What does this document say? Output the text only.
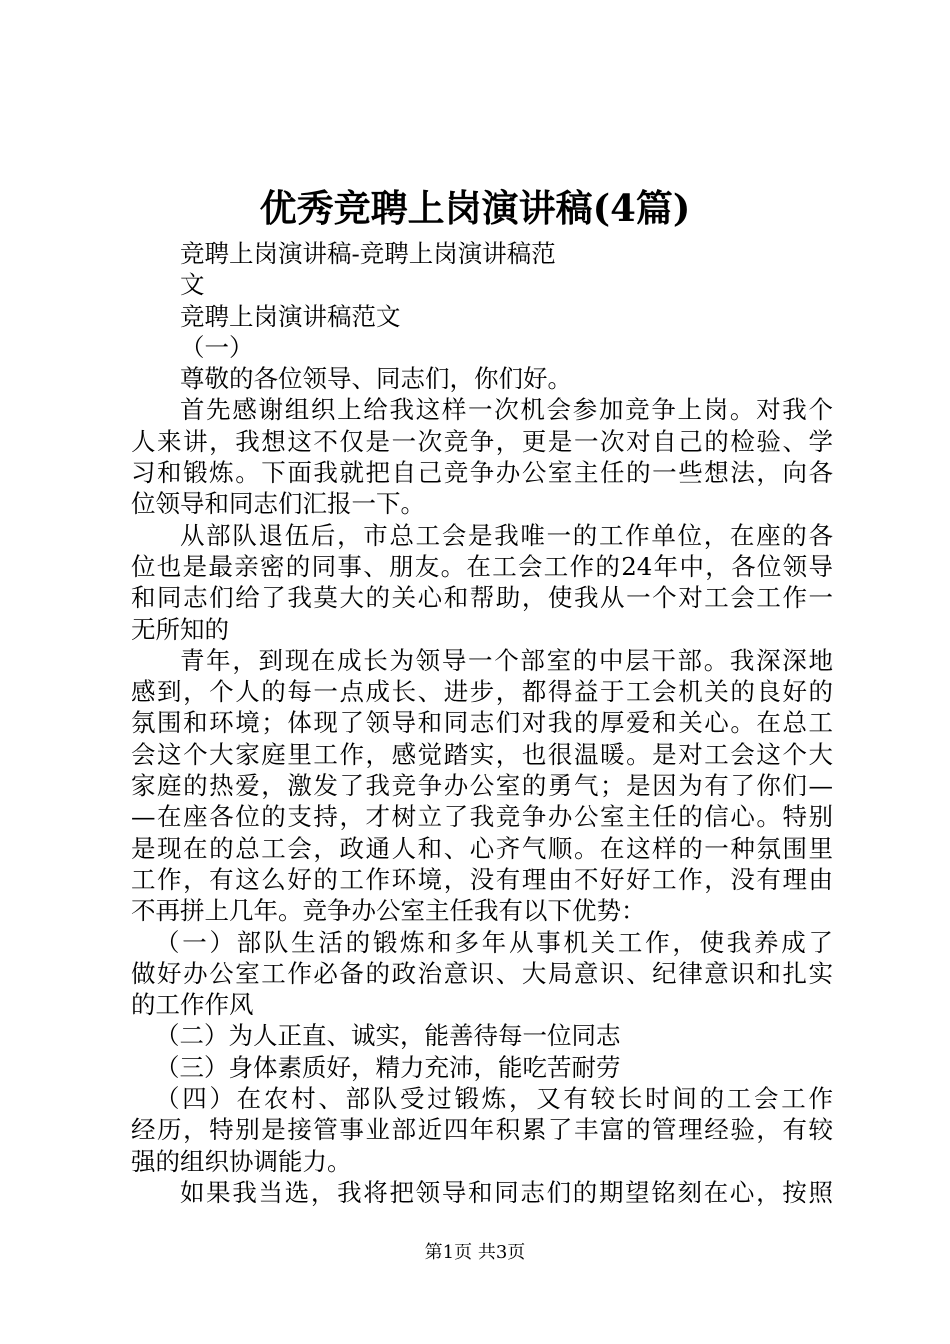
优秀竞聘上岗演讲稿(4篇)
竞聘上岗演讲稿-竞聘上岗演讲稿范
文
竞聘上岗演讲稿范文
（一）
尊敬的各位领导、同志们，你们好。
首先感谢组织上给我这样一次机会参加竞争上岗。对我个
人来讲，我想这不仅是一次竞争，更是一次对自己的检验、学
习和锻炼。下面我就把自己竞争办公室主任的一些想法，向各
位领导和同志们汇报一下。
从部队退伍后，市总工会是我唯一的工作单位，在座的各
位也是最亲密的同事、朋友。在工会工作的24年中，各位领导
和同志们给了我莫大的关心和帮助，使我从一个对工会工作一
无所知的
青年，到现在成长为领导一个部室的中层干部。我深深地
感到，个人的每一点成长、进步，都得益于工会机关的良好的
氛围和环境；体现了领导和同志们对我的厚爱和关心。在总工
会这个大家庭里工作，感觉踏实，也很温暖。是对工会这个大
家庭的热爱，激发了我竞争办公室的勇气；是因为有了你们—
—在座各位的支持，才树立了我竞争办公室主任的信心。特别
是现在的总工会，政通人和、心齐气顺。在这样的一种氛围里
工作，有这么好的工作环境，没有理由不好好工作，没有理由
不再拼上几年。竞争办公室主任我有以下优势：
（一）部队生活的锻炼和多年从事机关工作，使我养成了
做好办公室工作必备的政治意识、大局意识、纪律意识和扎实
的工作作风
（二）为人正直、诚实，能善待每一位同志
（三）身体素质好，精力充沛，能吃苦耐劳
（四）在农村、部队受过锻炼，又有较长时间的工会工作
经历，特别是接管事业部近四年积累了丰富的管理经验，有较
强的组织协调能力。
如果我当选，我将把领导和同志们的期望铭刻在心，按照
第1页 共3页
